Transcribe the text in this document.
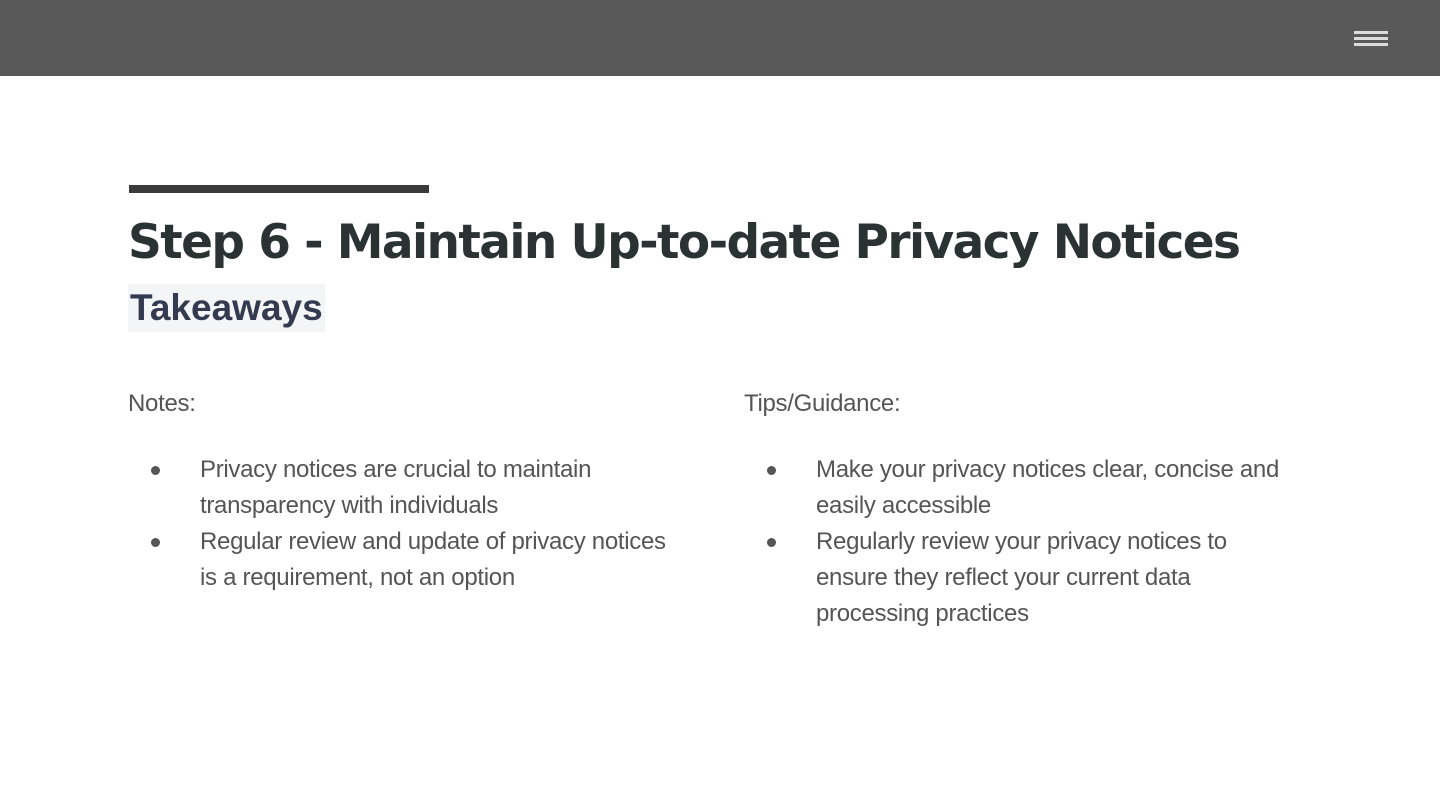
Step 6 - Maintain Up-to-date Privacy Notices
Takeaways
Notes:
Privacy notices are crucial to maintain transparency with individuals
Regular review and update of privacy notices is a requirement, not an option
Tips/Guidance:
Make your privacy notices clear, concise and easily accessible
Regularly review your privacy notices to ensure they reflect your current data processing practices
